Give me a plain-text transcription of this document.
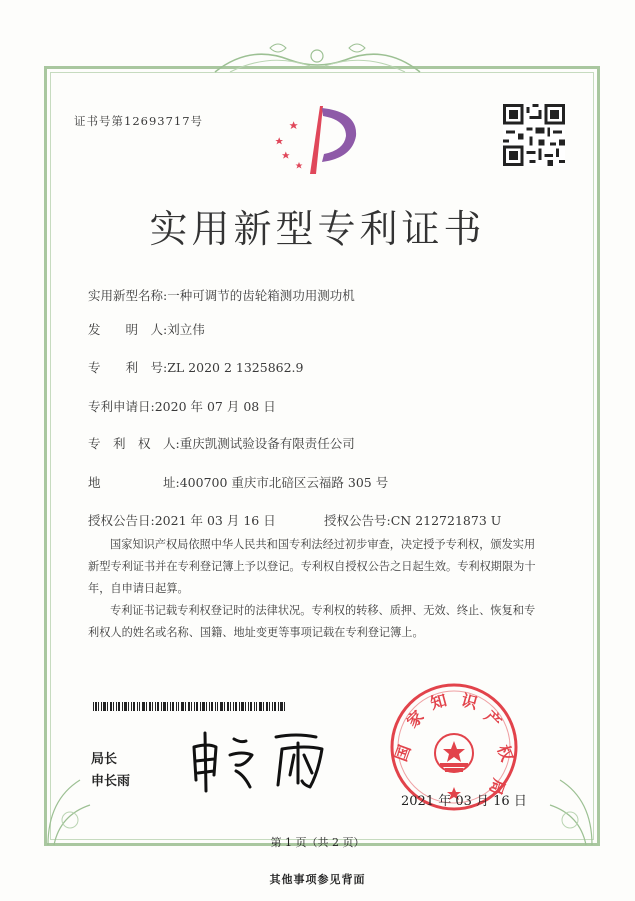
证书号第12693717号
实用新型专利证书
实用新型名称:一种可调节的齿轮箱测功用测功机
发　　明　人:刘立伟
专　　利　号:ZL 2020 2 1325862.9
专利申请日:2020 年 07 月 08 日
专　利　权　人:重庆凯测试验设备有限责任公司
地　　　　　址:400700 重庆市北碚区云福路 305 号
授权公告日:2021 年 03 月 16 日	授权公告号:CN 212721873 U
国家知识产权局依照中华人民共和国专利法经过初步审查，决定授予专利权，颁发实用
新型专利证书并在专利登记簿上予以登记。专利权自授权公告之日起生效。专利权期限为十
年，自申请日起算。
专利证书记载专利权登记时的法律状况。专利权的转移、质押、无效、终止、恢复和专
利权人的姓名或名称、国籍、地址变更等事项记载在专利登记簿上。
局长
申长雨
国
家
知 识
产
权
局
2021 年 03 月 16 日
第 1 页（共 2 页）
其他事项参见背面
